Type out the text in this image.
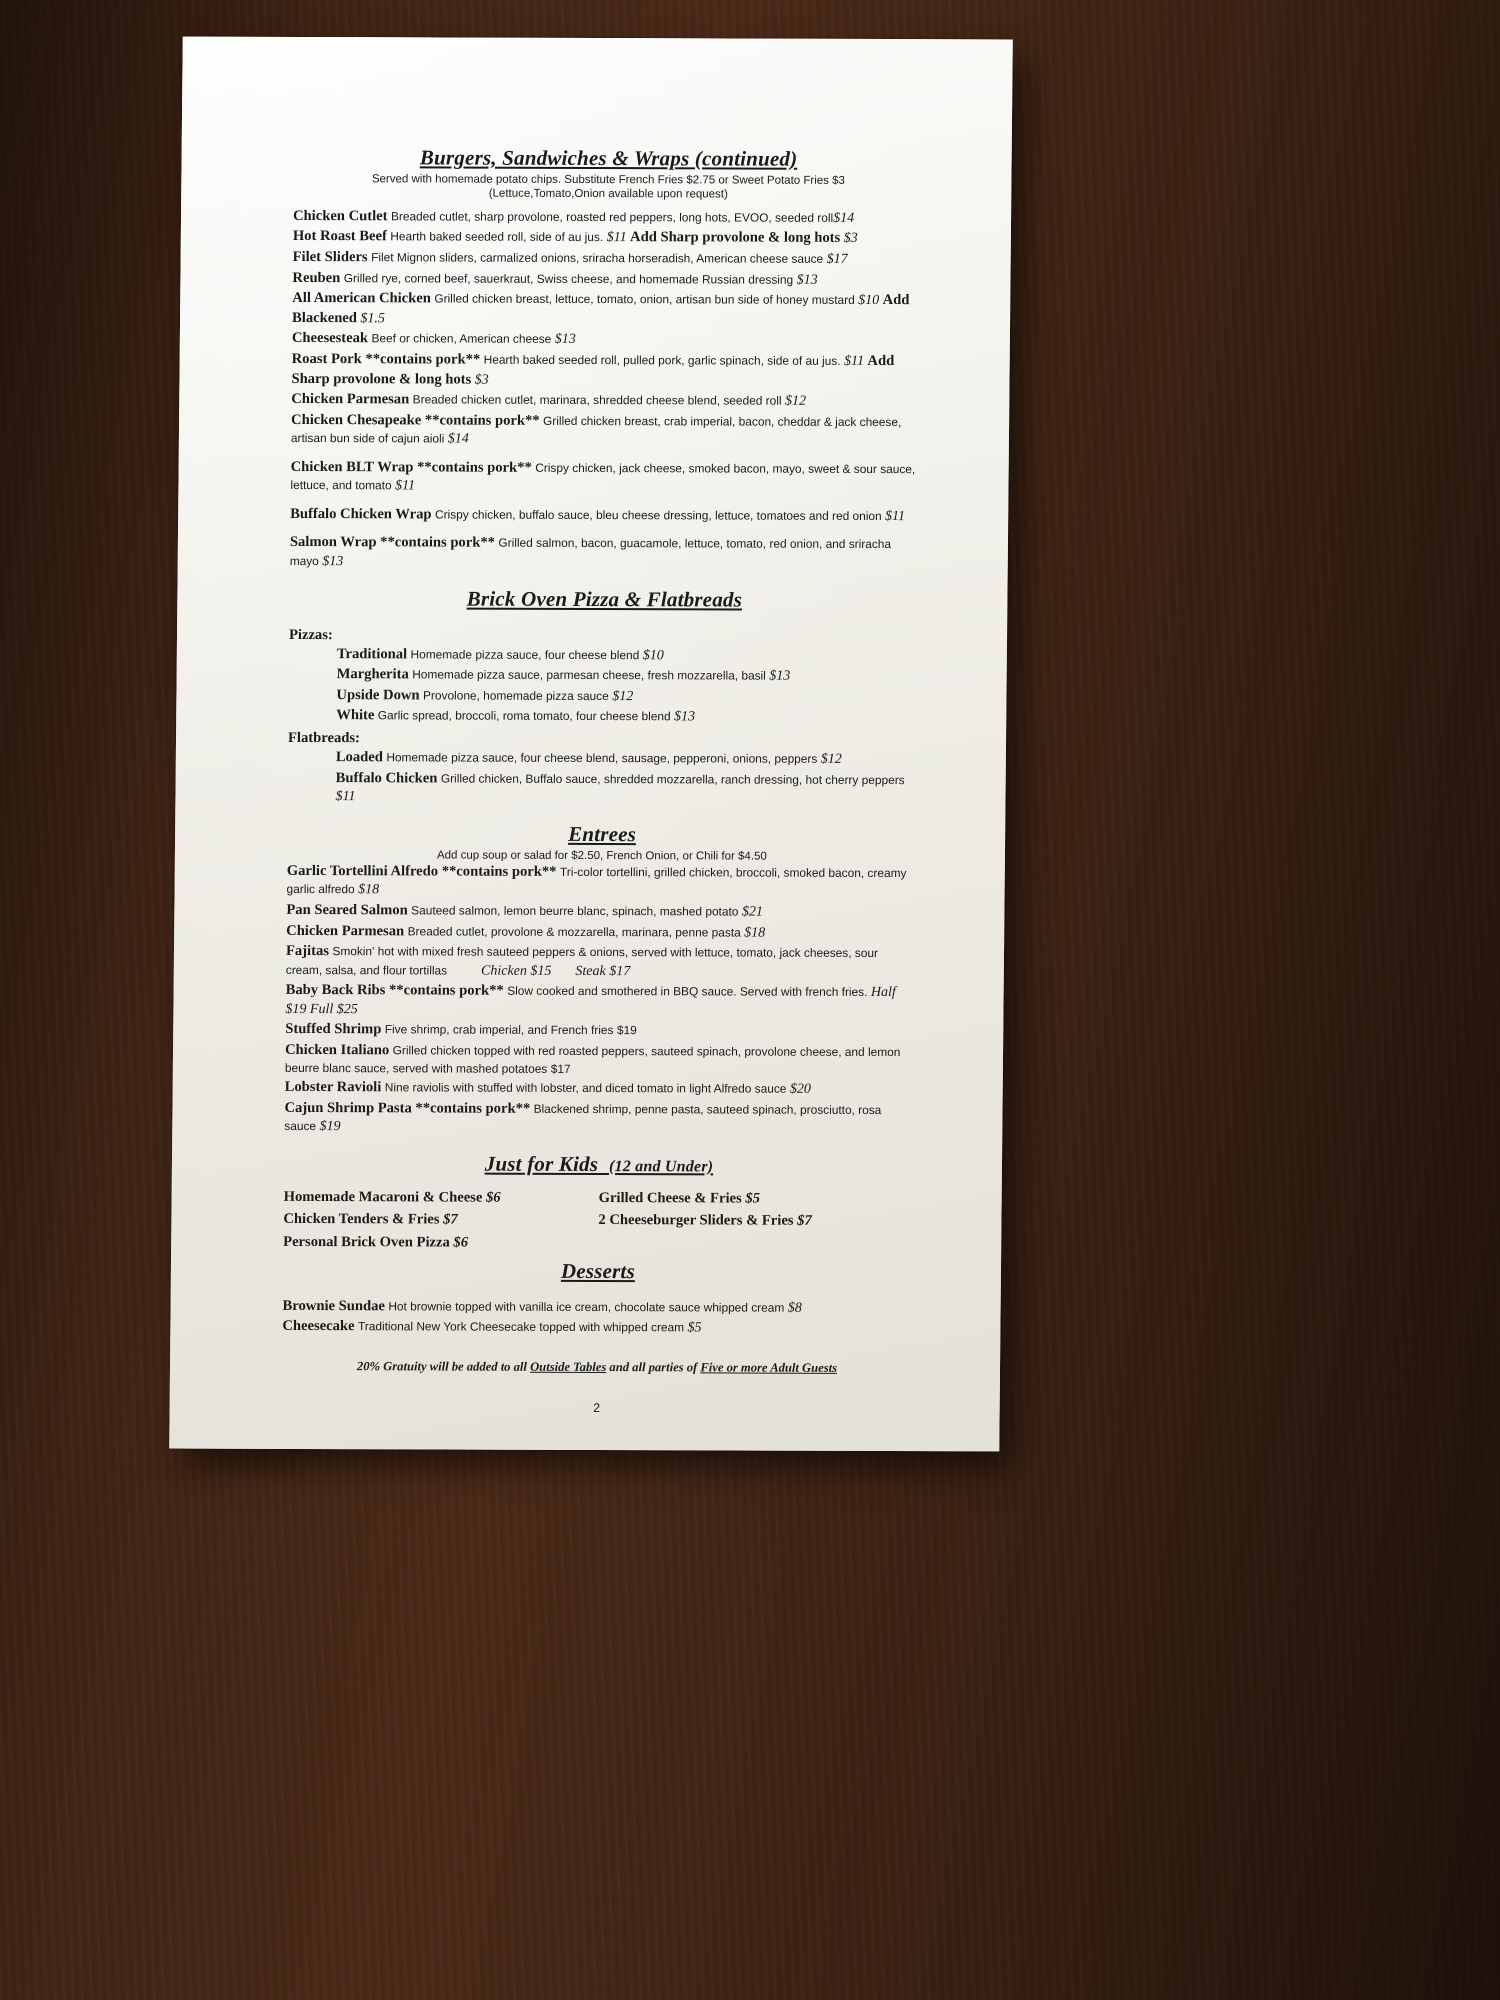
Burgers, Sandwiches & Wraps (continued)

Served with homemade potato chips. Substitute French Fries $2.75 or Sweet Potato Fries $3

(Lettuce,Tomato,Onion available upon request)

Chicken Cutlet Breaded cutlet, sharp provolone, roasted red peppers, long hots, EVOO, seeded roll$14

Hot Roast Beef Hearth baked seeded roll, side of au jus. $11 Add Sharp provolone & long hots $3

Filet Sliders Filet Mignon sliders, carmalized onions, sriracha horseradish, American cheese sauce $17

Reuben Grilled rye, corned beef, sauerkraut, Swiss cheese, and homemade Russian dressing $13

All American Chicken Grilled chicken breast, lettuce, tomato, onion, artisan bun side of honey mustard $10 Add Blackened $1.5

Cheesesteak Beef or chicken, American cheese $13

Roast Pork **contains pork** Hearth baked seeded roll, pulled pork, garlic spinach, side of au jus. $11 Add Sharp provolone & long hots $3

Chicken Parmesan Breaded chicken cutlet, marinara, shredded cheese blend, seeded roll $12

Chicken Chesapeake **contains pork** Grilled chicken breast, crab imperial, bacon, cheddar & jack cheese, artisan bun side of cajun aioli $14

Chicken BLT Wrap **contains pork** Crispy chicken, jack cheese, smoked bacon, mayo, sweet & sour sauce, lettuce, and tomato $11

Buffalo Chicken Wrap Crispy chicken, buffalo sauce, bleu cheese dressing, lettuce, tomatoes and red onion $11

Salmon Wrap **contains pork** Grilled salmon, bacon, guacamole, lettuce, tomato, red onion, and sriracha mayo $13

Brick Oven Pizza & Flatbreads
Pizzas:

Traditional Homemade pizza sauce, four cheese blend $10

Margherita Homemade pizza sauce, parmesan cheese, fresh mozzarella, basil $13

Upside Down Provolone, homemade pizza sauce $12

White Garlic spread, broccoli, roma tomato, four cheese blend $13

Flatbreads:

Loaded Homemade pizza sauce, four cheese blend, sausage, pepperoni, onions, peppers $12

Buffalo Chicken Grilled chicken, Buffalo sauce, shredded mozzarella, ranch dressing, hot cherry peppers $11

Entrees

Add cup soup or salad for $2.50, French Onion, or Chili for $4.50

Garlic Tortellini Alfredo **contains pork** Tri-color tortellini, grilled chicken, broccoli, smoked bacon, creamy garlic alfredo $18

Pan Seared Salmon Sauteed salmon, lemon beurre blanc, spinach, mashed potato $21

Chicken Parmesan Breaded cutlet, provolone & mozzarella, marinara, penne pasta $18

Fajitas Smokin' hot with mixed fresh sauteed peppers & onions, served with lettuce, tomato, jack cheeses, sour cream, salsa, and flour tortillas Chicken $15 Steak $17

Baby Back Ribs **contains pork** Slow cooked and smothered in BBQ sauce. Served with french fries. Half $19 Full $25

Stuffed Shrimp Five shrimp, crab imperial, and French fries $19

Chicken Italiano Grilled chicken topped with red roasted peppers, sauteed spinach, provolone cheese, and lemon beurre blanc sauce, served with mashed potatoes $17

Lobster Ravioli Nine raviolis with stuffed with lobster, and diced tomato in light Alfredo sauce $20

Cajun Shrimp Pasta **contains pork** Blackened shrimp, penne pasta, sauteed spinach, prosciutto, rosa sauce $19

Just for Kids (12 and Under)
Homemade Macaroni & Cheese $6
Chicken Tenders & Fries $7
Personal Brick Oven Pizza $6
Grilled Cheese & Fries $5
2 Cheeseburger Sliders & Fries $7
Desserts

Brownie Sundae Hot brownie topped with vanilla ice cream, chocolate sauce whipped cream $8

Cheesecake Traditional New York Cheesecake topped with whipped cream $5

20% Gratuity will be added to all Outside Tables and all parties of Five or more Adult Guests
2
